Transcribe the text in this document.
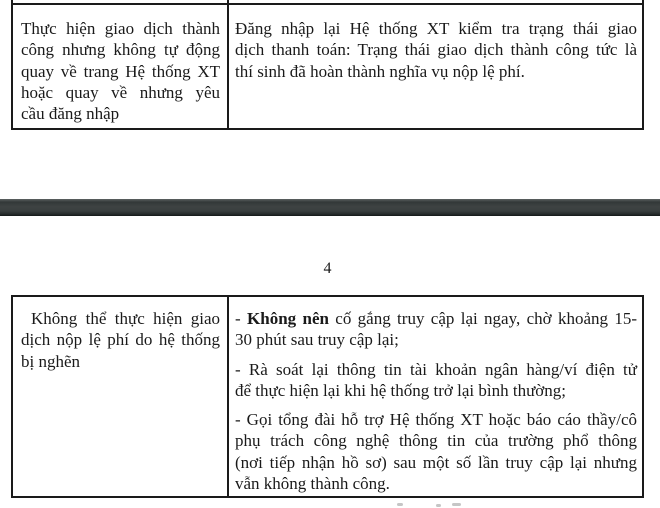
Thực hiện giao dịch thành
công nhưng không tự động
quay về trang Hệ thống XT
hoặc quay về nhưng yêu
cầu đăng nhập
Đăng nhập lại Hệ thống XT kiểm tra trạng thái giao
dịch thanh toán: Trạng thái giao dịch thành công tức là
thí sinh đã hoàn thành nghĩa vụ nộp lệ phí.
4
Không thể thực hiện giao
dịch nộp lệ phí do hệ thống
bị nghẽn
- Không nên cố gắng truy cập lại ngay, chờ khoảng 15-
30 phút sau truy cập lại;
- Rà soát lại thông tin tài khoản ngân hàng/ví điện tử
để thực hiện lại khi hệ thống trở lại bình thường;
- Gọi tổng đài hỗ trợ Hệ thống XT hoặc báo cáo thầy/cô
phụ trách công nghệ thông tin của trường phổ thông
(nơi tiếp nhận hồ sơ) sau một số lần truy cập lại nhưng
vẫn không thành công.
